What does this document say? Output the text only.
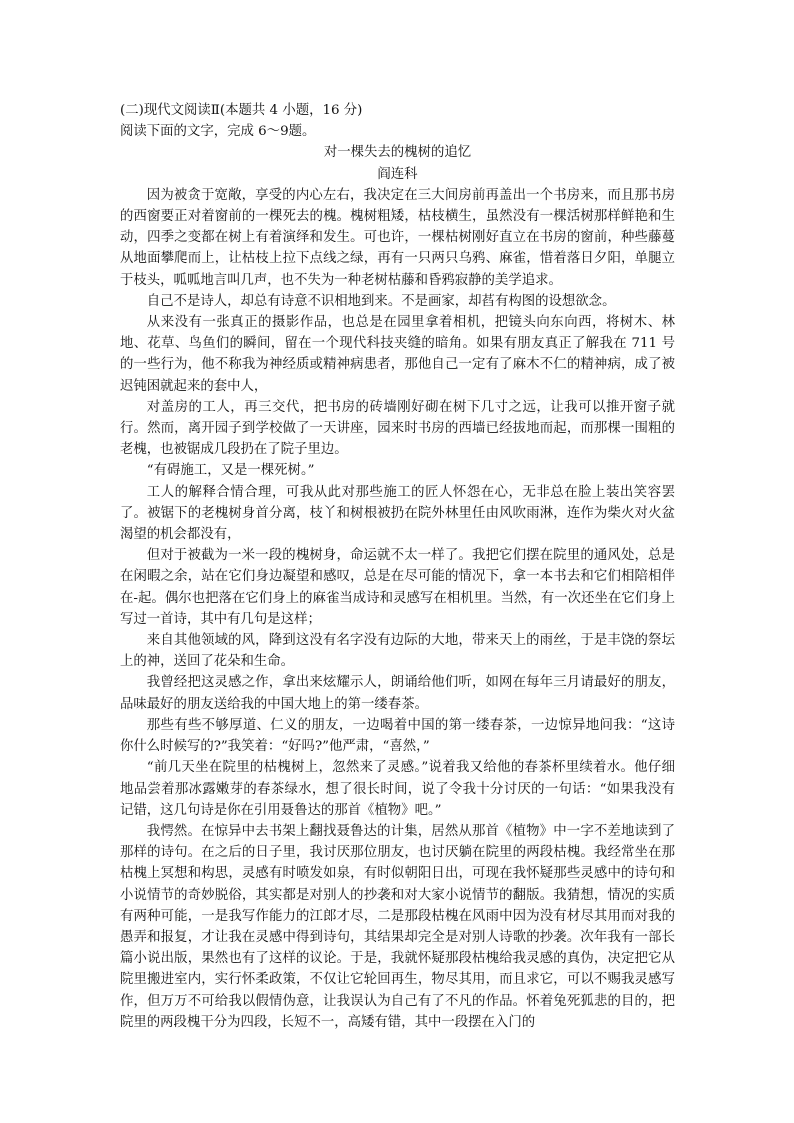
(二)现代文阅读Ⅱ(本题共 4 小题，16 分)

阅读下面的文字，完成 6～9题。

对一棵失去的槐树的追忆

阎连科

因为被贪于宽敞，享受的内心左右，我决定在三大间房前再盖出一个书房来，而且那书房的西窗要正对着窗前的一棵死去的槐。槐树粗矮，枯枝横生，虽然没有一棵活树那样鲜艳和生动，四季之变都在树上有着演绎和发生。可也许，一棵枯树刚好直立在书房的窗前，种些藤蔓从地面攀爬而上，让枯枝上拉下点线之绿，再有一只两只乌鸦、麻雀，惜着落日夕阳，单腿立于枝头，呱呱地言叫几声，也不失为一种老树枯藤和昏鸦寂静的美学追求。

自己不是诗人，却总有诗意不识相地到来。不是画家，却萏有构图的设想欲念。

从来没有一张真正的摄影作品，也总是在园里拿着相机，把镜头向东向西，将树木、林地、花草、鸟鱼们的瞬间，留在一个现代科技夹缝的暗角。如果有朋友真正了解我在 711 号的一些行为，他不称我为神经质或精神病患者，那他自己一定有了麻木不仁的精神病，成了被迟钝困就起来的套中人，

对盖房的工人，再三交代，把书房的砖墙刚好砌在树下几寸之远，让我可以推开窗子就行。然而，离开园子到学校做了一天讲座，园来时书房的西墙已经拔地而起，而那棵一围粗的老槐，也被锯成几段扔在了院子里边。

“有碍施工，又是一棵死树。”

工人的解释合情合理，可我从此对那些施工的匠人怀怨在心，无非总在脸上装出笑容罢了。被锯下的老槐树身首分离，枝丫和树根被扔在院外林里任由风吹雨淋，连作为柴火对火盆渴望的机会都没有，

但对于被截为一米一段的槐树身，命运就不太一样了。我把它们摆在院里的通风处，总是在闲暇之余，站在它们身边凝望和感叹，总是在尽可能的情况下，拿一本书去和它们相陪相伴在-起。偶尔也把落在它们身上的麻雀当成诗和灵感写在相机里。当然，有一次还坐在它们身上写过一首诗，其中有几句是这样；

来自其他领域的风，降到这没有名字没有边际的大地，带来天上的雨丝，于是丰饶的祭坛上的神，送回了花朵和生命。

我曾经把这灵感之作，拿出来炫耀示人，朗诵给他们听，如网在每年三月请最好的朋友，品味最好的朋友送给我的中国大地上的第一缕春茶。

那些有些不够厚道、仁义的朋友，一边喝着中国的第一缕春茶，一边惊异地问我：“这诗你什么时候写的?”我笑着：“好吗?”他严肃，“喜然，”

“前几天坐在院里的枯槐树上，忽然来了灵感。”说着我又给他的春茶杯里续着水。他仔细地品尝着那冰露嫩芽的春茶绿水，想了很长时间，说了令我十分讨厌的一句话：“如果我没有记错，这几句诗是你在引用聂鲁达的那首《植物》吧。”

我愕然。在惊异中去书架上翻找聂鲁达的计集，居然从那首《植物》中一字不差地读到了那样的诗句。在之后的日子里，我讨厌那位朋友，也讨厌躺在院里的两段枯槐。我经常坐在那枯槐上冥想和构思，灵感有时喷发如泉，有时似朝阳日出，可现在我怀疑那些灵感中的诗句和小说情节的奇妙脱俗，其实都是对别人的抄袭和对大家小说情节的翻版。我猜想，情况的实质有两种可能，一是我写作能力的江郎才尽，二是那段枯槐在风雨中因为没有材尽其用而对我的愚弄和报复，才让我在灵感中得到诗句，其结果却完全是对别人诗歌的抄袭。次年我有一部长篇小说出版，果然也有了这样的议论。于是，我就怀疑那段枯槐给我灵感的真伪，决定把它从院里搬进室内，实行怀柔政策，不仅让它轮回再生，物尽其用，而且求它，可以不赐我灵感写作，但万万不可给我以假情伪意，让我误认为自己有了不凡的作品。怀着兔死狐悲的目的，把院里的两段槐干分为四段，长短不一，高矮有错，其中一段摆在入门的
